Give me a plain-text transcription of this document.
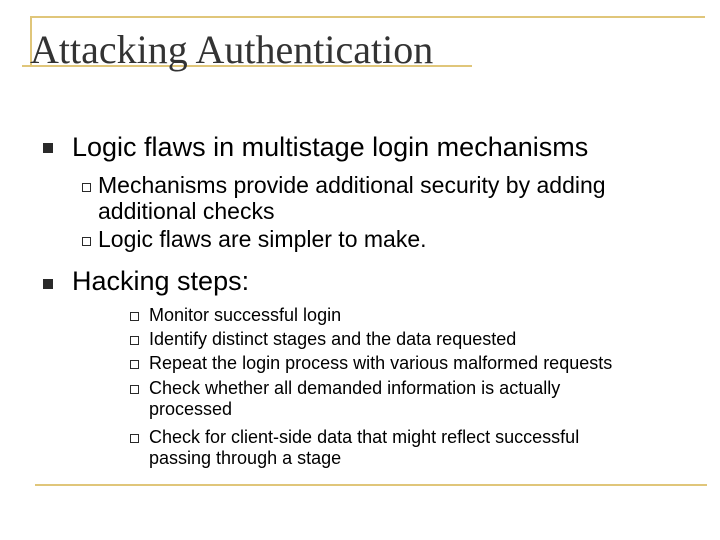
Attacking Authentication
Logic flaws in multistage login mechanisms
Mechanisms provide additional security by adding
additional checks
Logic flaws are simpler to make.
Hacking steps:
Monitor successful login
Identify distinct stages and the data requested
Repeat the login process with various malformed requests
Check whether all demanded information is actually
processed
Check for client-side data that might reflect successful
passing through a stage
